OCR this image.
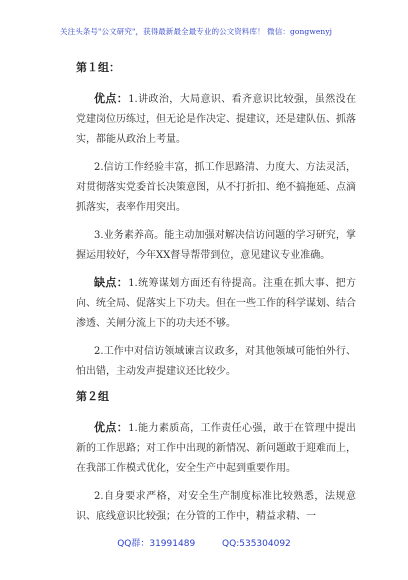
关注头条号"公文研究"，获得最新最全最专业的公文资料库！ 微信：gongwenyj
第１组：

优点：1.讲政治，大局意识、看齐意识比较强，虽然没在党建岗位历练过，但无论是作决定、提建议，还是建队伍、抓落实，都能从政治上考量。

2.信访工作经验丰富，抓工作思路清、力度大、方法灵活，对贯彻落实党委首长决策意图，从不打折扣、绝不搞拖延、点滴抓落实，表率作用突出。

3.业务素养高。能主动加强对解决信访问题的学习研究，掌握运用较好，今年XX督导帮带到位，意见建议专业准确。

缺点：1.统筹谋划方面还有待提高。注重在抓大事、把方向、统全局、促落实上下功夫。但在一些工作的科学谋划、结合渗透、关闸分流上下的功夫还不够。

2.工作中对信访领域谏言议政多，对其他领域可能怕外行、怕出错，主动发声提建议还比较少。

第２组

优点：1.能力素质高，工作责任心强，敢于在管理中提出新的工作思路；对工作中出现的新情况、新问题敢于迎难而上，在我部工作模式优化，安全生产中起到重要作用。

2.自身要求严格，对安全生产制度标准比较熟悉，法规意识、底线意识比较强；在分管的工作中，精益求精、一

QQ群：31991489	QQ:535304092
